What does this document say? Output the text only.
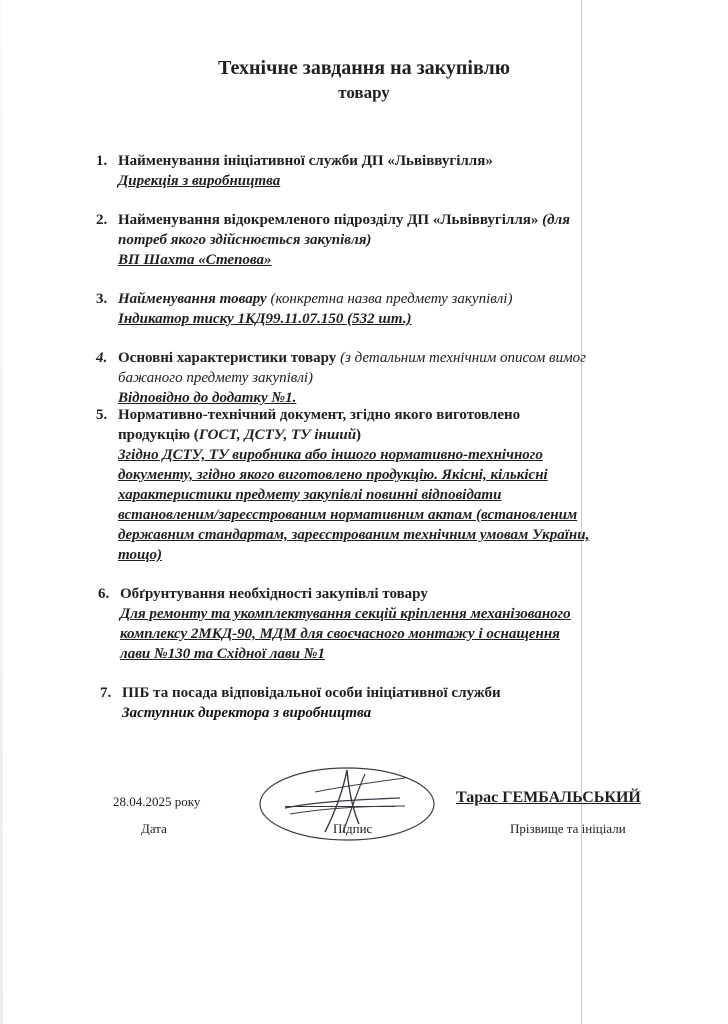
Технічне завдання на закупівлю
товару
1. Найменування ініціативної служби ДП «Львіввугілля»
Дирекція з виробництва
2. Найменування відокремленого підрозділу ДП «Львіввугілля» (для
потреб якого здійснюється закупівля)
ВП Шахта «Степова»
3. Найменування товару (конкретна назва предмету закупівлі)
Індикатор тиску 1КД99.11.07.150 (532 шт.)
4. Основні характеристики товару (з детальним технічним описом вимог
бажаного предмету закупівлі)
Відповідно до додатку №1.
5. Нормативно-технічний документ, згідно якого виготовлено
продукцію (ГОСТ, ДСТУ, ТУ інший)
Згідно ДСТУ, ТУ виробника або іншого нормативно-технічного
документу, згідно якого виготовлено продукцію. Якісні, кількісні
характеристики предмету закупівлі повинні відповідати
встановленим/зареєстрованим нормативним актам (встановленим
державним стандартам, зареєстрованим технічним умовам України,
тощо)
6. Обґрунтування необхідності закупівлі товару
Для ремонту та укомплектування секцій кріплення механізованого
комплексу 2МКД-90, МДМ для своєчасного монтажу і оснащення
лави №130 та Східної лави №1
7. ПІБ та посада відповідальної особи ініціативної служби
Заступник директора з виробництва
28.04.2025 року
Дата	Підпис
Тарас ГЕМБАЛЬСЬКИЙ
Прізвище та ініціали
